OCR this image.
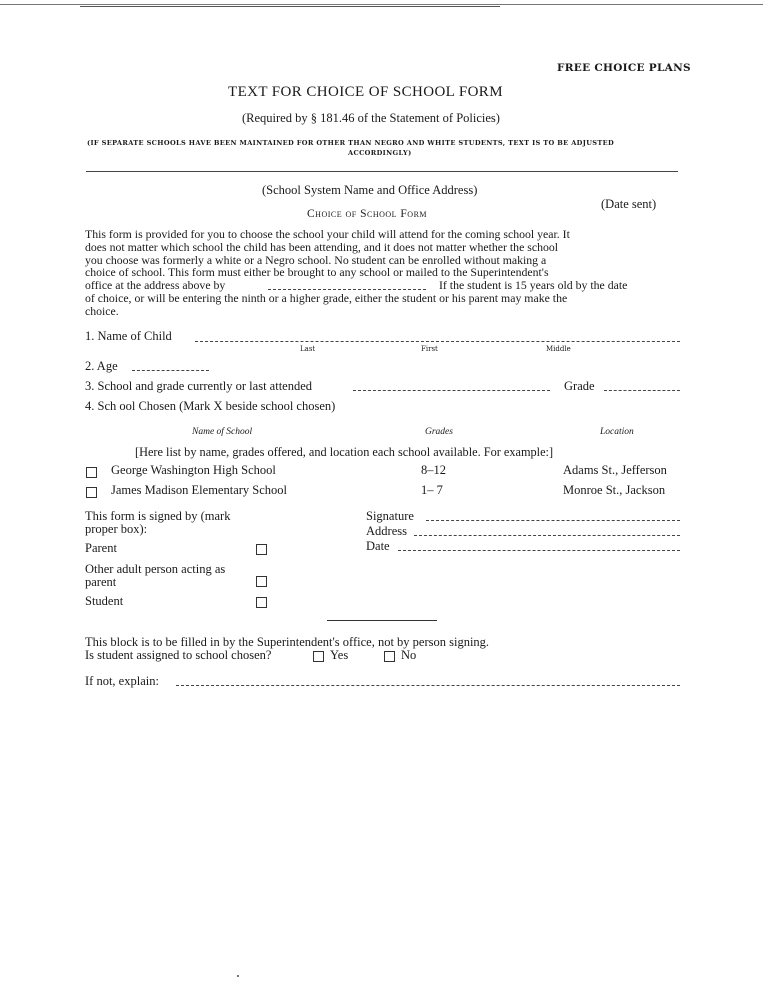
FREE CHOICE PLANS
TEXT FOR CHOICE OF SCHOOL FORM
(Required by § 181.46 of the Statement of Policies)
(IF SEPARATE SCHOOLS HAVE BEEN MAINTAINED FOR OTHER THAN NEGRO AND WHITE STUDENTS, TEXT IS TO BE ADJUSTED
ACCORDINGLY)
(School System Name and Office Address)
(Date sent)
Choice of School Form
This form is provided for you to choose the school your child will attend for the coming school year. It
does not matter which school the child has been attending, and it does not matter whether the school
you choose was formerly a white or a Negro school. No student can be enrolled without making a
choice of school. This form must either be brought to any school or mailed to the Superintendent's
office at the address above by	If the student is 15 years old by the date
of choice, or will be entering the ninth or a higher grade, either the student or his parent may make the
choice.
1. Name of Child
Last	First	Middle
2. Age
3. School and grade currently or last attended	Grade
4. Sch ool Chosen (Mark X beside school chosen)
Name of School	Grades	Location
[Here list by name, grades offered, and location each school available. For example:]
George Washington High School	8–12	Adams St., Jefferson
James Madison Elementary School	1– 7	Monroe St., Jackson
This form is signed by (mark
proper box):
Parent
Other adult person acting as
parent
Student
Signature
Address
Date
This block is to be filled in by the Superintendent's office, not by person signing.
Is student assigned to school chosen?	Yes	No
If not, explain:
